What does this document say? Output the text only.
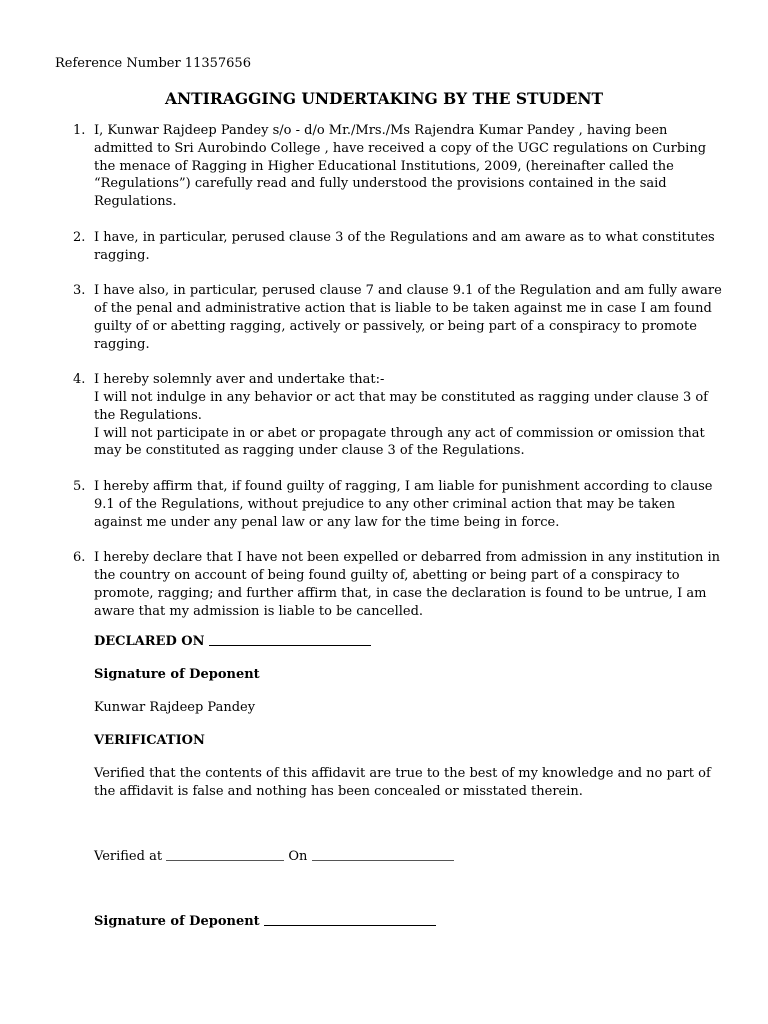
Reference Number 11357656
ANTIRAGGING UNDERTAKING BY THE STUDENT
1. I, Kunwar Rajdeep Pandey s/o - d/o Mr./Mrs./Ms Rajendra Kumar Pandey , having been
admitted to Sri Aurobindo College , have received a copy of the UGC regulations on Curbing
the menace of Ragging in Higher Educational Institutions, 2009, (hereinafter called the
“Regulations”) carefully read and fully understood the provisions contained in the said
Regulations.
2. I have, in particular, perused clause 3 of the Regulations and am aware as to what constitutes
ragging.
3. I have also, in particular, perused clause 7 and clause 9.1 of the Regulation and am fully aware
of the penal and administrative action that is liable to be taken against me in case I am found
guilty of or abetting ragging, actively or passively, or being part of a conspiracy to promote
ragging.
4. I hereby solemnly aver and undertake that:-
I will not indulge in any behavior or act that may be constituted as ragging under clause 3 of
the Regulations.
I will not participate in or abet or propagate through any act of commission or omission that
may be constituted as ragging under clause 3 of the Regulations.
5. I hereby affirm that, if found guilty of ragging, I am liable for punishment according to clause
9.1 of the Regulations, without prejudice to any other criminal action that may be taken
against me under any penal law or any law for the time being in force.
6. I hereby declare that I have not been expelled or debarred from admission in any institution in
the country on account of being found guilty of, abetting or being part of a conspiracy to
promote, ragging; and further affirm that, in case the declaration is found to be untrue, I am
aware that my admission is liable to be cancelled.
DECLARED ON
Signature of Deponent
Kunwar Rajdeep Pandey
VERIFICATION
Verified that the contents of this affidavit are true to the best of my knowledge and no part of
the affidavit is false and nothing has been concealed or misstated therein.
Verified at	On
Signature of Deponent
